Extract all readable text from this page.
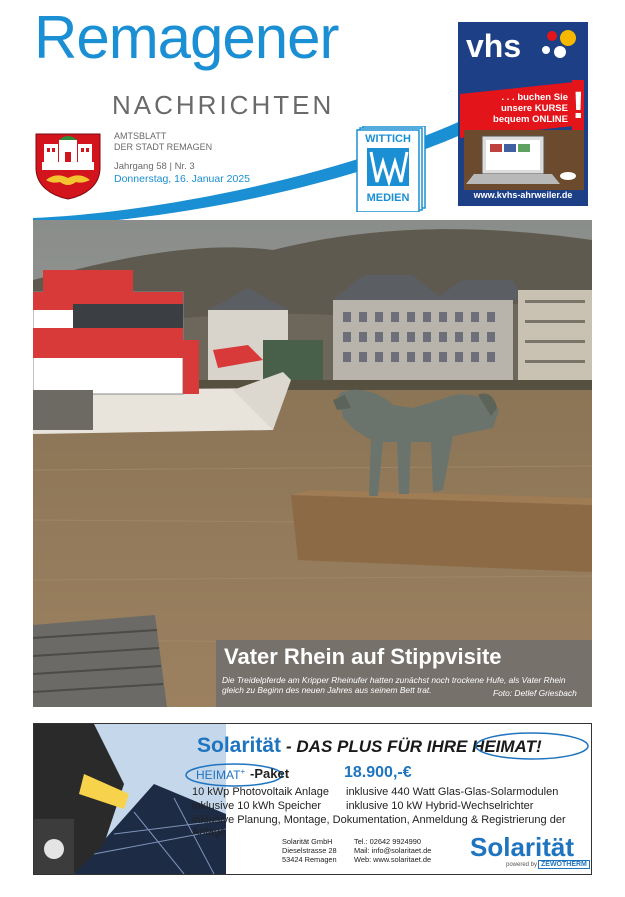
Remagener
NACHRICHTEN
AMTSBLATT
DER STADT REMAGEN
Jahrgang 58 | Nr. 3
Donnerstag, 16. Januar 2025
WITTICH
MEDIEN
vhs
. . . buchen Sie
unsere KURSE
bequem ONLINE !
www.kvhs-ahrweiler.de
Vater Rhein auf Stippvisite
Die Treidelpferde am Kripper Rheinufer hatten zunächst noch trockene Hufe, als Vater Rhein gleich zu Beginn des neuen Jahres aus seinem Bett trat.	Foto: Detlef Griesbach
Solarität - DAS PLUS FÜR IHRE HEIMAT!
HEIMAT+ -Paket	18.900,-€
10 kWp Photovoltaik Anlage
inklusive 10 kWh Speicher
inklusive 440 Watt Glas-Glas-Solarmodulen
inklusive 10 kW Hybrid-Wechselrichter
inklusive Planung, Montage, Dokumentation, Anmeldung & Registrierung der Anlage
Solarität GmbH
Dieselstrasse 28
53424 Remagen
Tel.: 02642 9924990
Mail: info@solaritaet.de
Web: www.solaritaet.de Solarität
powered by ZEWOTHERM
